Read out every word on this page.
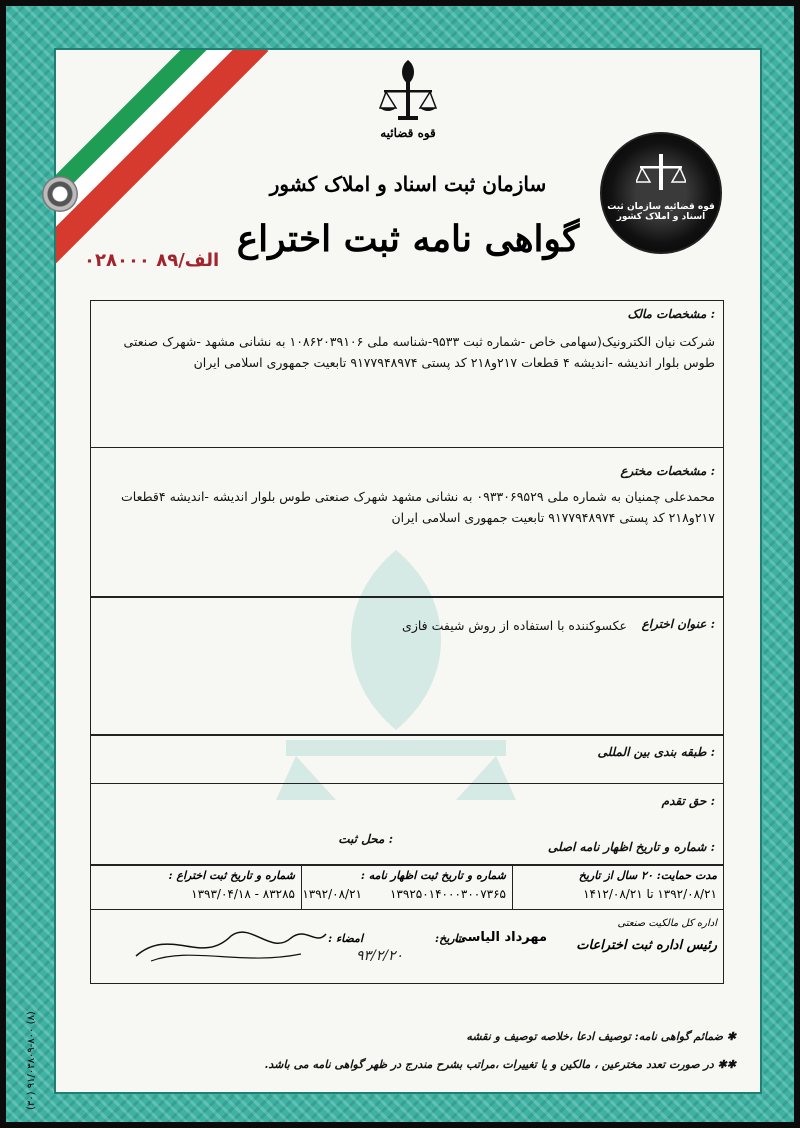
قوه قضائیه
سازمان ثبت اسناد و املاک کشور
گواهی نامه ثبت اختراع
الف/۸۹ ۰۲۸۰۰۰
قوه قضائیه سازمان ثبت اسناد و املاک کشور
مشخصات مالک :
شرکت نیان الکترونیک(سهامی خاص -شماره ثبت ۹۵۳۳-شناسه ملی ۱۰۸۶۲۰۳۹۱۰۶ به نشانی مشهد -شهرک صنعتی طوس بلوار اندیشه -اندیشه ۴ قطعات ۲۱۷و۲۱۸ کد پستی ۹۱۷۷۹۴۸۹۷۴ تابعیت جمهوری اسلامی ایران
مشخصات مخترع :
محمدعلی چمنیان به شماره ملی ۰۹۳۳۰۶۹۵۲۹ به نشانی مشهد شهرک صنعتی طوس بلوار اندیشه -اندیشه ۴قطعات ۲۱۷و۲۱۸ کد پستی ۹۱۷۷۹۴۸۹۷۴ تابعیت جمهوری اسلامی ایران
عنوان اختراع :
عکسوکننده با استفاده از روش شیفت فازی
طبقه بندی بین المللی :
حق تقدم :
شماره و تاریخ اظهار نامه اصلی :
محل ثبت :
مدت حمایت: ۲۰ سال از تاریخ
۱۳۹۲/۰۸/۲۱ تا ۱۴۱۲/۰۸/۲۱
شماره و تاریخ ثبت اظهار نامه :
۱۳۹۲۵۰۱۴۰۰۰۳۰۰۷۳۶۵
۱۳۹۲/۰۸/۲۱
شماره و تاریخ ثبت اختراع :
۸۳۲۸۵ - ۱۳۹۳/۰۴/۱۸
اداره کل مالکیت صنعتی
رئیس اداره ثبت اختراعات
مهرداد الیاسی
تاریخ:
امضاء :
۹۳/۲/۲۰
✱ ضمائم گواهی نامه: توصیف ادعا ،خلاصه توصیف و نقشه
✱✱ در صورت تعدد مخترعین ، مالکین و یا تغییرات ،مراتب بشرح مندرج در ظهر گواهی نامه می باشد.
(۳۰) ۹۱/۰۳۸۰۹-۸۰۰ (۸)
